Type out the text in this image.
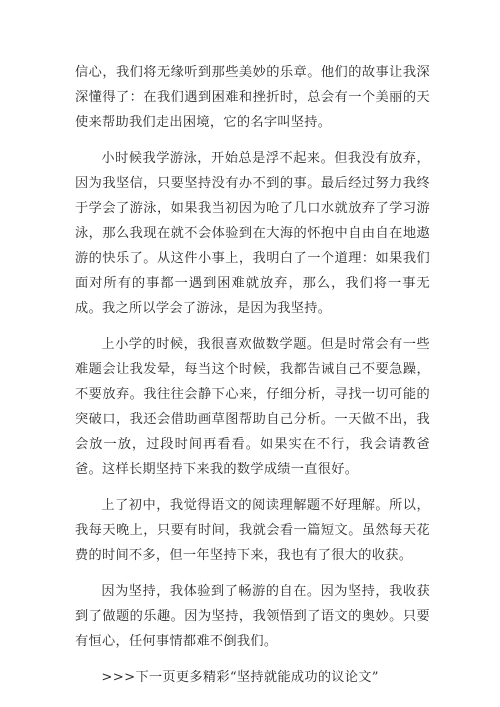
信心，我们将无缘听到那些美妙的乐章。他们的故事让我深深懂得了：在我们遇到困难和挫折时，总会有一个美丽的天使来帮助我们走出困境，它的名字叫坚持。

小时候我学游泳，开始总是浮不起来。但我没有放弃，因为我坚信，只要坚持没有办不到的事。最后经过努力我终于学会了游泳，如果我当初因为呛了几口水就放弃了学习游泳，那么我现在就不会体验到在大海的怀抱中自由自在地遨游的快乐了。从这件小事上，我明白了一个道理：如果我们面对所有的事都一遇到困难就放弃，那么，我们将一事无成。我之所以学会了游泳，是因为我坚持。

上小学的时候，我很喜欢做数学题。但是时常会有一些难题会让我发晕，每当这个时候，我都告诫自己不要急躁，不要放弃。我往往会静下心来，仔细分析，寻找一切可能的突破口，我还会借助画草图帮助自己分析。一天做不出，我会放一放，过段时间再看看。如果实在不行，我会请教爸爸。这样长期坚持下来我的数学成绩一直很好。

上了初中，我觉得语文的阅读理解题不好理解。所以，我每天晚上，只要有时间，我就会看一篇短文。虽然每天花费的时间不多，但一年坚持下来，我也有了很大的收获。

因为坚持，我体验到了畅游的自在。因为坚持，我收获到了做题的乐趣。因为坚持，我领悟到了语文的奥妙。只要有恒心，任何事情都难不倒我们。

>>>下一页更多精彩“坚持就能成功的议论文”
